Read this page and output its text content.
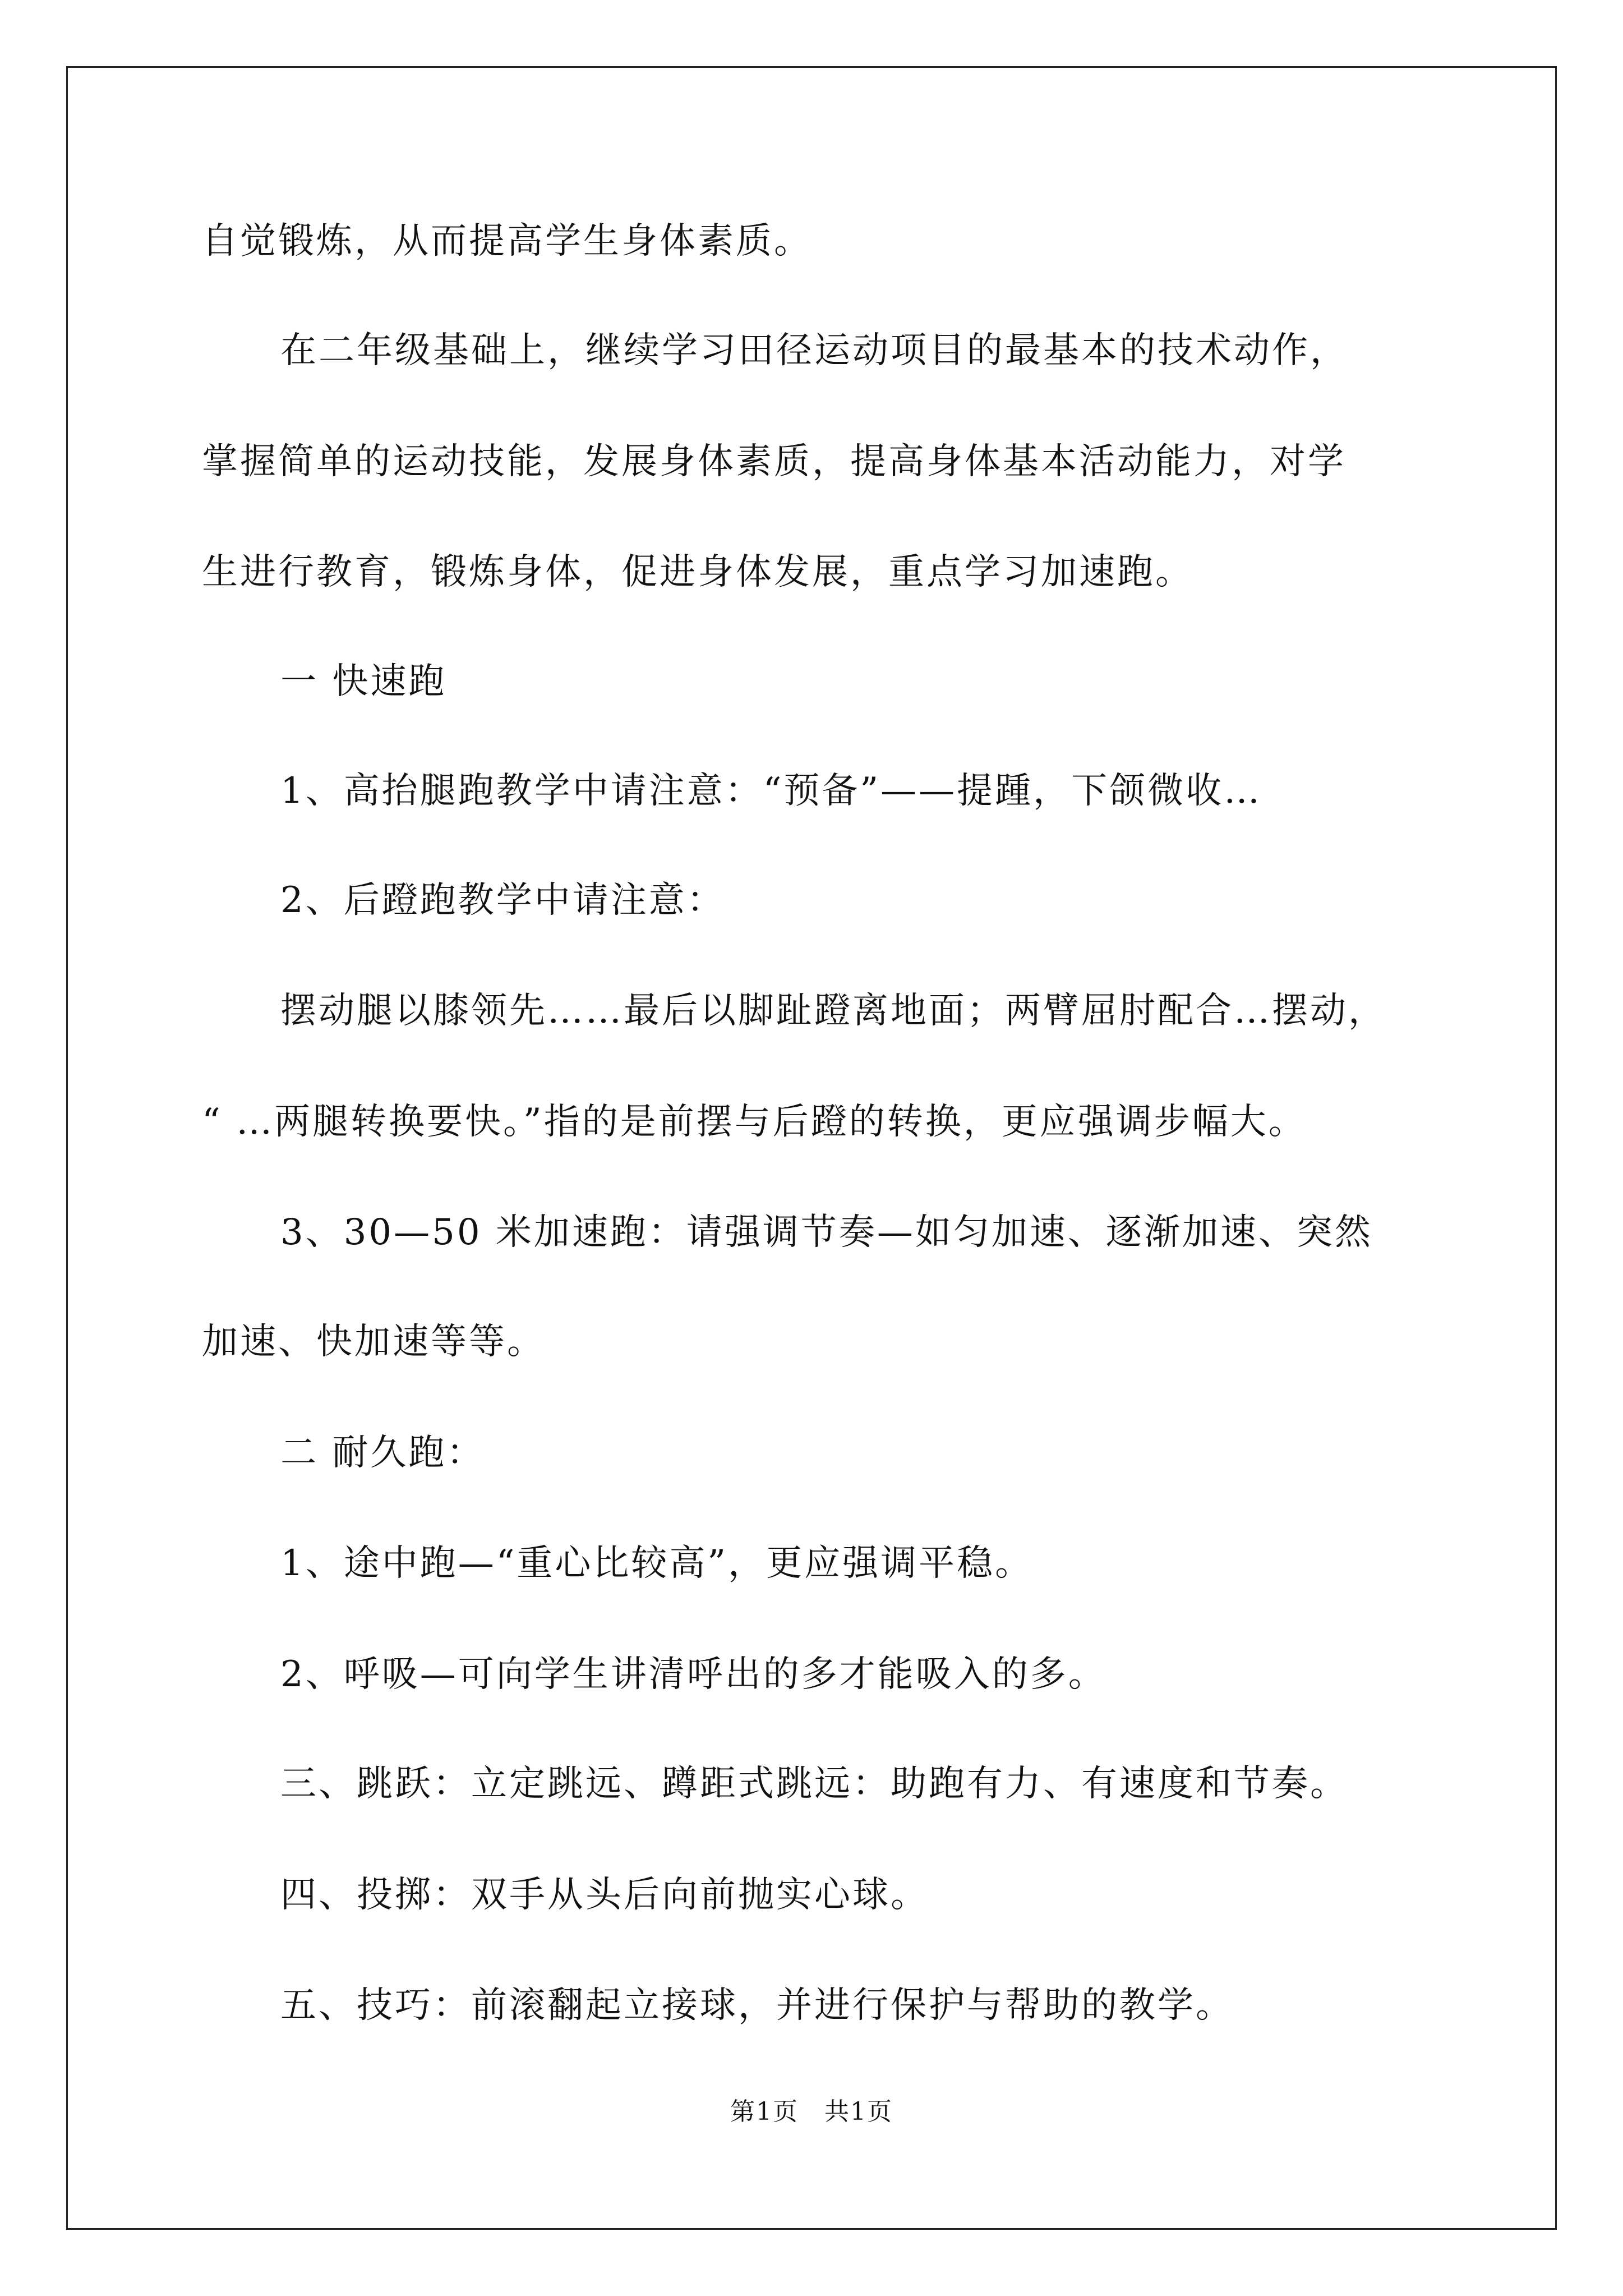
自觉锻炼，从而提高学生身体素质。
在二年级基础上，继续学习田径运动项目的最基本的技术动作，
掌握简单的运动技能，发展身体素质，提高身体基本活动能力，对学
生进行教育，锻炼身体，促进身体发展，重点学习加速跑。
一 快速跑
1、高抬腿跑教学中请注意：“预备”——提踵，下颌微收…
2、后蹬跑教学中请注意：
摆动腿以膝领先……最后以脚趾蹬离地面；两臂屈肘配合…摆动，
“ …两腿转换要快。”指的是前摆与后蹬的转换，更应强调步幅大。
3、30—50 米加速跑：请强调节奏—如匀加速、逐渐加速、突然
加速、快加速等等。
二 耐久跑：
1、途中跑—“重心比较高”，更应强调平稳。
2、呼吸—可向学生讲清呼出的多才能吸入的多。
三、跳跃：立定跳远、蹲距式跳远：助跑有力、有速度和节奏。
四、投掷：双手从头后向前抛实心球。
五、技巧：前滚翻起立接球，并进行保护与帮助的教学。
第1页　共1页
